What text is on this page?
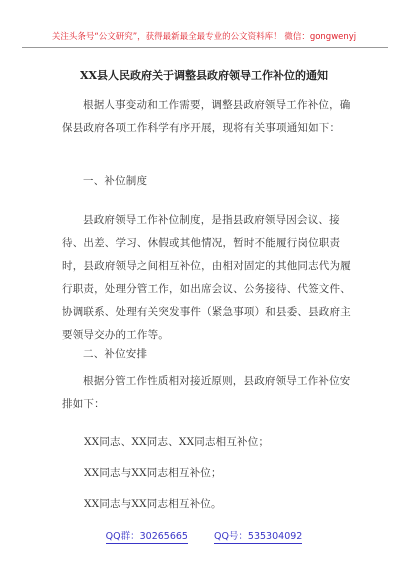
关注头条号“公文研究”，获得最新最全最专业的公文资料库！ 微信：gongwenyj
XX县人民政府关于调整县政府领导工作补位的通知

根据人事变动和工作需要，调整县政府领导工作补位，确保县政府各项工作科学有序开展，现将有关事项通知如下：

一、补位制度

县政府领导工作补位制度，是指县政府领导因会议、接待、出差、学习、休假或其他情况，暂时不能履行岗位职责时，县政府领导之间相互补位，由相对固定的其他同志代为履行职责，处理分管工作，如出席会议、公务接待、代签文件、协调联系、处理有关突发事件（紧急事项）和县委、县政府主要领导交办的工作等。

二、补位安排

根据分管工作性质相对接近原则，县政府领导工作补位安排如下：

XX同志、XX同志、XX同志相互补位；
XX同志与XX同志相互补位；
XX同志与XX同志相互补位。
QQ群：30265665	QQ号：535304092
